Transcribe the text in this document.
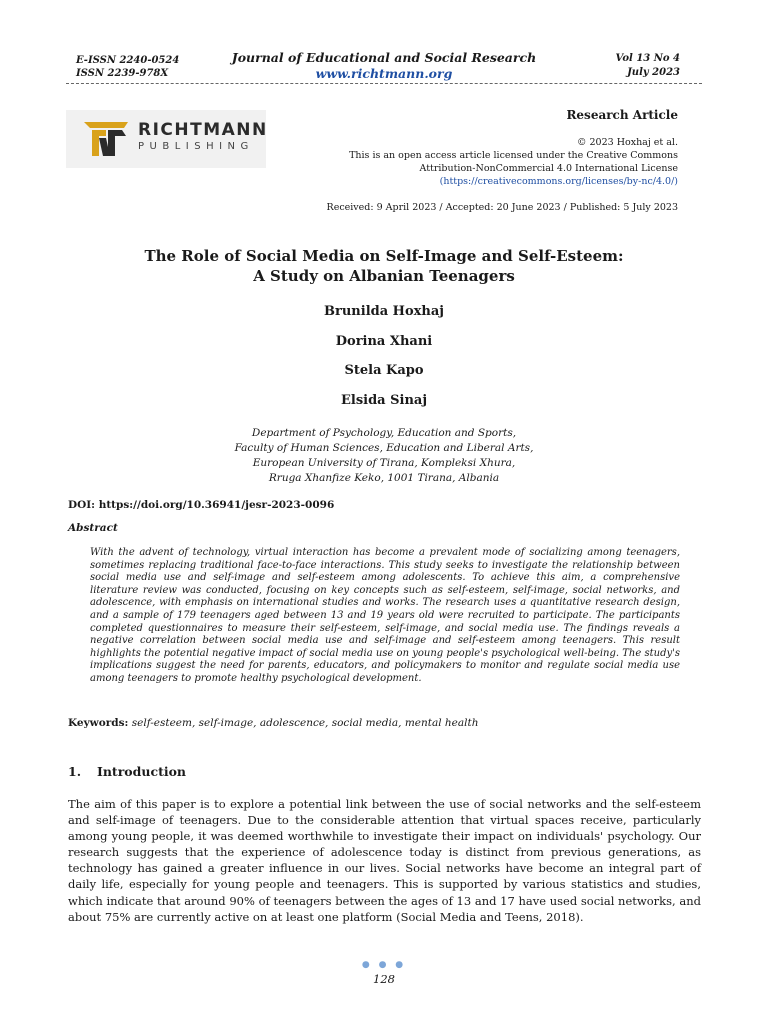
E-ISSN 2240-0524
ISSN 2239-978X
Journal of Educational and Social Research
www.richtmann.org
Vol 13 No 4
July 2023
RICHTMANN
PUBLISHING
Research Article
© 2023 Hoxhaj et al.
This is an open access article licensed under the Creative Commons
Attribution-NonCommercial 4.0 International License
(https://creativecommons.org/licenses/by-nc/4.0/)
Received: 9 April 2023 / Accepted: 20 June 2023 / Published: 5 July 2023
The Role of Social Media on Self-Image and Self-Esteem:
A Study on Albanian Teenagers
Brunilda Hoxhaj
Dorina Xhani
Stela Kapo
Elsida Sinaj
Department of Psychology, Education and Sports,
Faculty of Human Sciences, Education and Liberal Arts,
European University of Tirana, Kompleksi Xhura,
Rruga Xhanfize Keko, 1001 Tirana, Albania
DOI: https://doi.org/10.36941/jesr-2023-0096
Abstract
With the advent of technology, virtual interaction has become a prevalent mode of socializing among teenagers, sometimes replacing traditional face-to-face interactions. This study seeks to investigate the relationship between social media use and self-image and self-esteem among adolescents. To achieve this aim, a comprehensive literature review was conducted, focusing on key concepts such as self-esteem, self-image, social networks, and adolescence, with emphasis on international studies and works. The research uses a quantitative research design, and a sample of 179 teenagers aged between 13 and 19 years old were recruited to participate. The participants completed questionnaires to measure their self-esteem, self-image, and social media use. The findings reveals a negative correlation between social media use and self-image and self-esteem among teenagers. This result highlights the potential negative impact of social media use on young people's psychological well-being. The study's implications suggest the need for parents, educators, and policymakers to monitor and regulate social media use among teenagers to promote healthy psychological development.
Keywords: self-esteem, self-image, adolescence, social media, mental health
1. Introduction
The aim of this paper is to explore a potential link between the use of social networks and the self-esteem and self-image of teenagers. Due to the considerable attention that virtual spaces receive, particularly among young people, it was deemed worthwhile to investigate their impact on individuals' psychology. Our research suggests that the experience of adolescence today is distinct from previous generations, as technology has gained a greater influence in our lives. Social networks have become an integral part of daily life, especially for young people and teenagers. This is supported by various statistics and studies, which indicate that around 90% of teenagers between the ages of 13 and 17 have used social networks, and about 75% are currently active on at least one platform (Social Media and Teens, 2018).
● ● ●
128
